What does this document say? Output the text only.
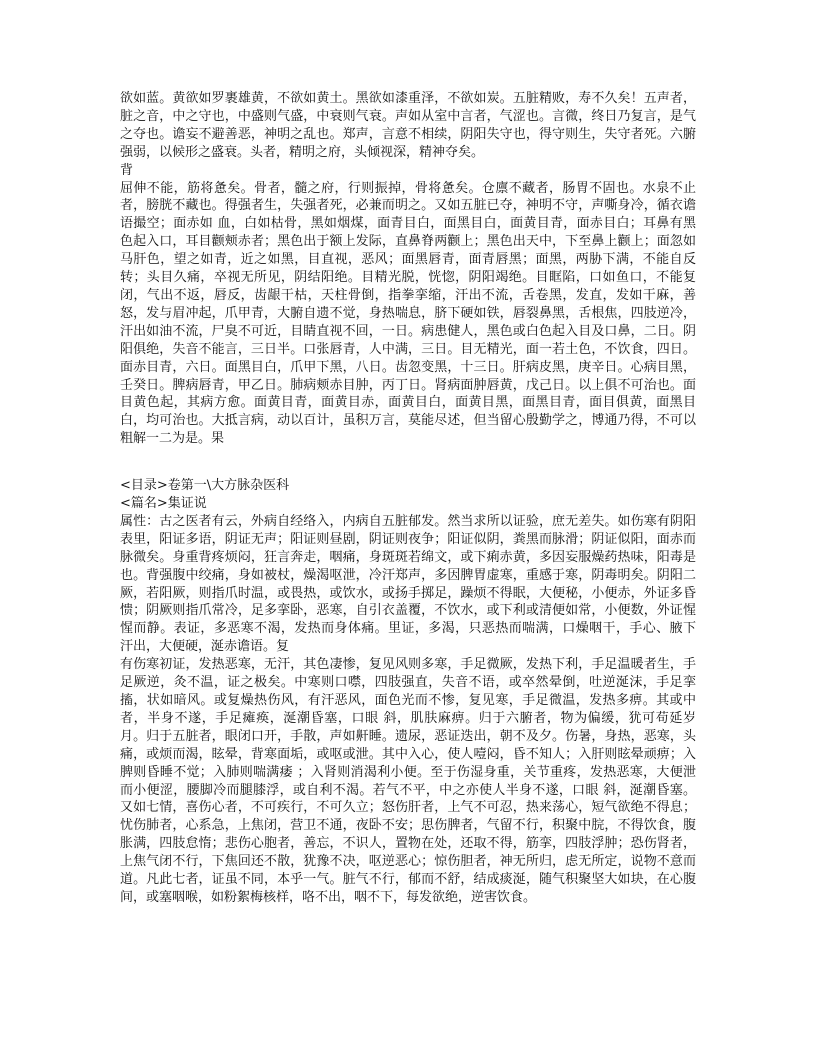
欲如蓝。黄欲如罗裹雄黄，不欲如黄土。黑欲如漆重泽，不欲如炭。五脏精败，寿不久矣！五声者，脏之音，中之守也，中盛则气盛，中衰则气衰。声如从室中言者，气涩也。言微，终日乃复言，是气之夺也。谵妄不避善恶，神明之乱也。郑声，言意不相续，阴阳失守也，得守则生，失守者死。六腑强弱，以候形之盛衰。头者，精明之府，头倾视深，精神夺矣。
背
屈伸不能，筋将惫矣。骨者，髓之府，行则振掉，骨将惫矣。仓廪不藏者，肠胃不固也。水泉不止者，膀胱不藏也。得强者生，失强者死，必兼而明之。又如五脏已夺，神明不守，声嘶身冷，循衣谵语撮空；面赤如 血，白如枯骨，黑如烟煤，面青目白，面黑目白，面黄目青，面赤目白；耳鼻有黑色起入口，耳目颧颊赤者；黑色出于额上发际，直鼻脊两颧上；黑色出天中，下至鼻上颧上；面忽如马肝色，望之如青，近之如黑，目直视，恶风；面黑唇青，面青唇黑；面黑，两胁下满，不能自反转；头目久痛，卒视无所见，阴结阳绝。目精光脱，恍惚，阴阳竭绝。目眶陷，口如鱼口，不能复闭，气出不返，唇反，齿龈干枯，天柱骨倒，指拳挛缩，汗出不流，舌卷黑，发直，发如干麻，善怒，发与眉冲起，爪甲青，大腑自遗不觉，身热喘息，脐下硬如铁，唇裂鼻黑，舌根焦，四肢逆冷，汗出如油不流，尸臭不可近，目睛直视不回，一日。病患健人，黑色或白色起入目及口鼻，二日。阴阳俱绝，失音不能言，三日半。口张唇青，人中满，三日。目无精光，面一若土色，不饮食，四日。面赤目青，六日。面黑目白，爪甲下黑，八日。齿忽变黑，十三日。肝病皮黑，庚辛日。心病目黑，壬癸日。脾病唇青，甲乙日。肺病颊赤目肿，丙丁日。肾病面肿唇黄，戊己日。以上俱不可治也。面目黄色起，其病方愈。面黄目青，面黄目赤，面黄目白，面黄目黑，面黑目青，面目俱黄，面黑目白，均可治也。大抵言病，动以百计，虽积万言，莫能尽述，但当留心殷勤学之，博通乃得，不可以粗解一二为是。果

<目录>卷第一\大方脉杂医科

<篇名>集证说

属性：古之医者有云，外病自经络入，内病自五脏郁发。然当求所以证验，庶无差失。如伤寒有阴阳表里，阳证多语，阴证无声；阳证则昼剧，阴证则夜争；阳证似阴，粪黑而脉滑；阴证似阳，面赤而脉微矣。身重背疼烦闷，狂言奔走，咽痛，身斑斑若绵文，或下痢赤黄，多因妄服燥药热味，阳毒是也。背强腹中绞痛，身如被杖，燥渴呕泄，冷汗郑声，多因脾胃虚寒，重感于寒，阴毒明矣。阴阳二厥，若阳厥，则指爪时温，或畏热，或饮水，或扬手掷足，躁烦不得眠，大便秘，小便赤，外证多昏愦；阴厥则指爪常冷，足多挛卧，恶寒，自引衣盖覆，不饮水，或下利或清便如常，小便数，外证惺惺而静。表证，多恶寒不渴，发热而身体痛。里证，多渴，只恶热而喘满，口燥咽干，手心、腋下 汗出，大便硬，涎赤谵语。复
有伤寒初证，发热恶寒，无汗，其色凄惨，复见风则多寒，手足微厥，发热下利，手足温暖者生，手足厥逆，灸不温，证之极矣。中寒则口噤，四肢强直，失音不语，或卒然晕倒，吐逆涎沫，手足挛搐，状如暗风。或复燥热伤风，有汗恶风，面色光而不惨，复见寒，手足微温，发热多痹。其或中者，半身不遂，手足瘫痪，涎潮昏塞，口眼 斜，肌肤麻痹。归于六腑者，物为偏缓，犹可苟延岁月。归于五脏者，眼闭口开，手散，声如鼾睡。遗尿，恶证迭出，朝不及夕。伤暑，身热，恶寒，头痛，或烦而渴，眩晕，背寒面垢，或呕或泄。其中入心，使人噎闷，昏不知人；入肝则眩晕顽痹；入脾则昏睡不觉；入肺则喘满痿 ；入肾则消渴利小便。至于伤湿身重，关节重疼，发热恶寒，大便泄而小便涩，腰脚冷而腿膝浮，或自利不渴。若气不平，中之亦使人半身不遂，口眼 斜，涎潮昏塞。又如七情，喜伤心者，不可疾行，不可久立；怒伤肝者，上气不可忍，热来荡心，短气欲绝不得息；忧伤肺者，心系急，上焦闭，营卫不通，夜卧不安；思伤脾者，气留不行，积聚中脘，不得饮食，腹胀满，四肢怠惰；悲伤心胞者，善忘，不识人，置物在处，还取不得，筋挛，四肢浮肿；恐伤肾者，上焦气闭不行，下焦回还不散，犹豫不决，呕逆恶心；惊伤胆者，神无所归，虑无所定，说物不意而道。凡此七者，证虽不同，本乎一气。脏气不行，郁而不舒，结成痰涎，随气积聚坚大如块，在心腹间，或塞咽喉，如粉絮梅核样，咯不出，咽不下，每发欲绝，逆害饮食。
